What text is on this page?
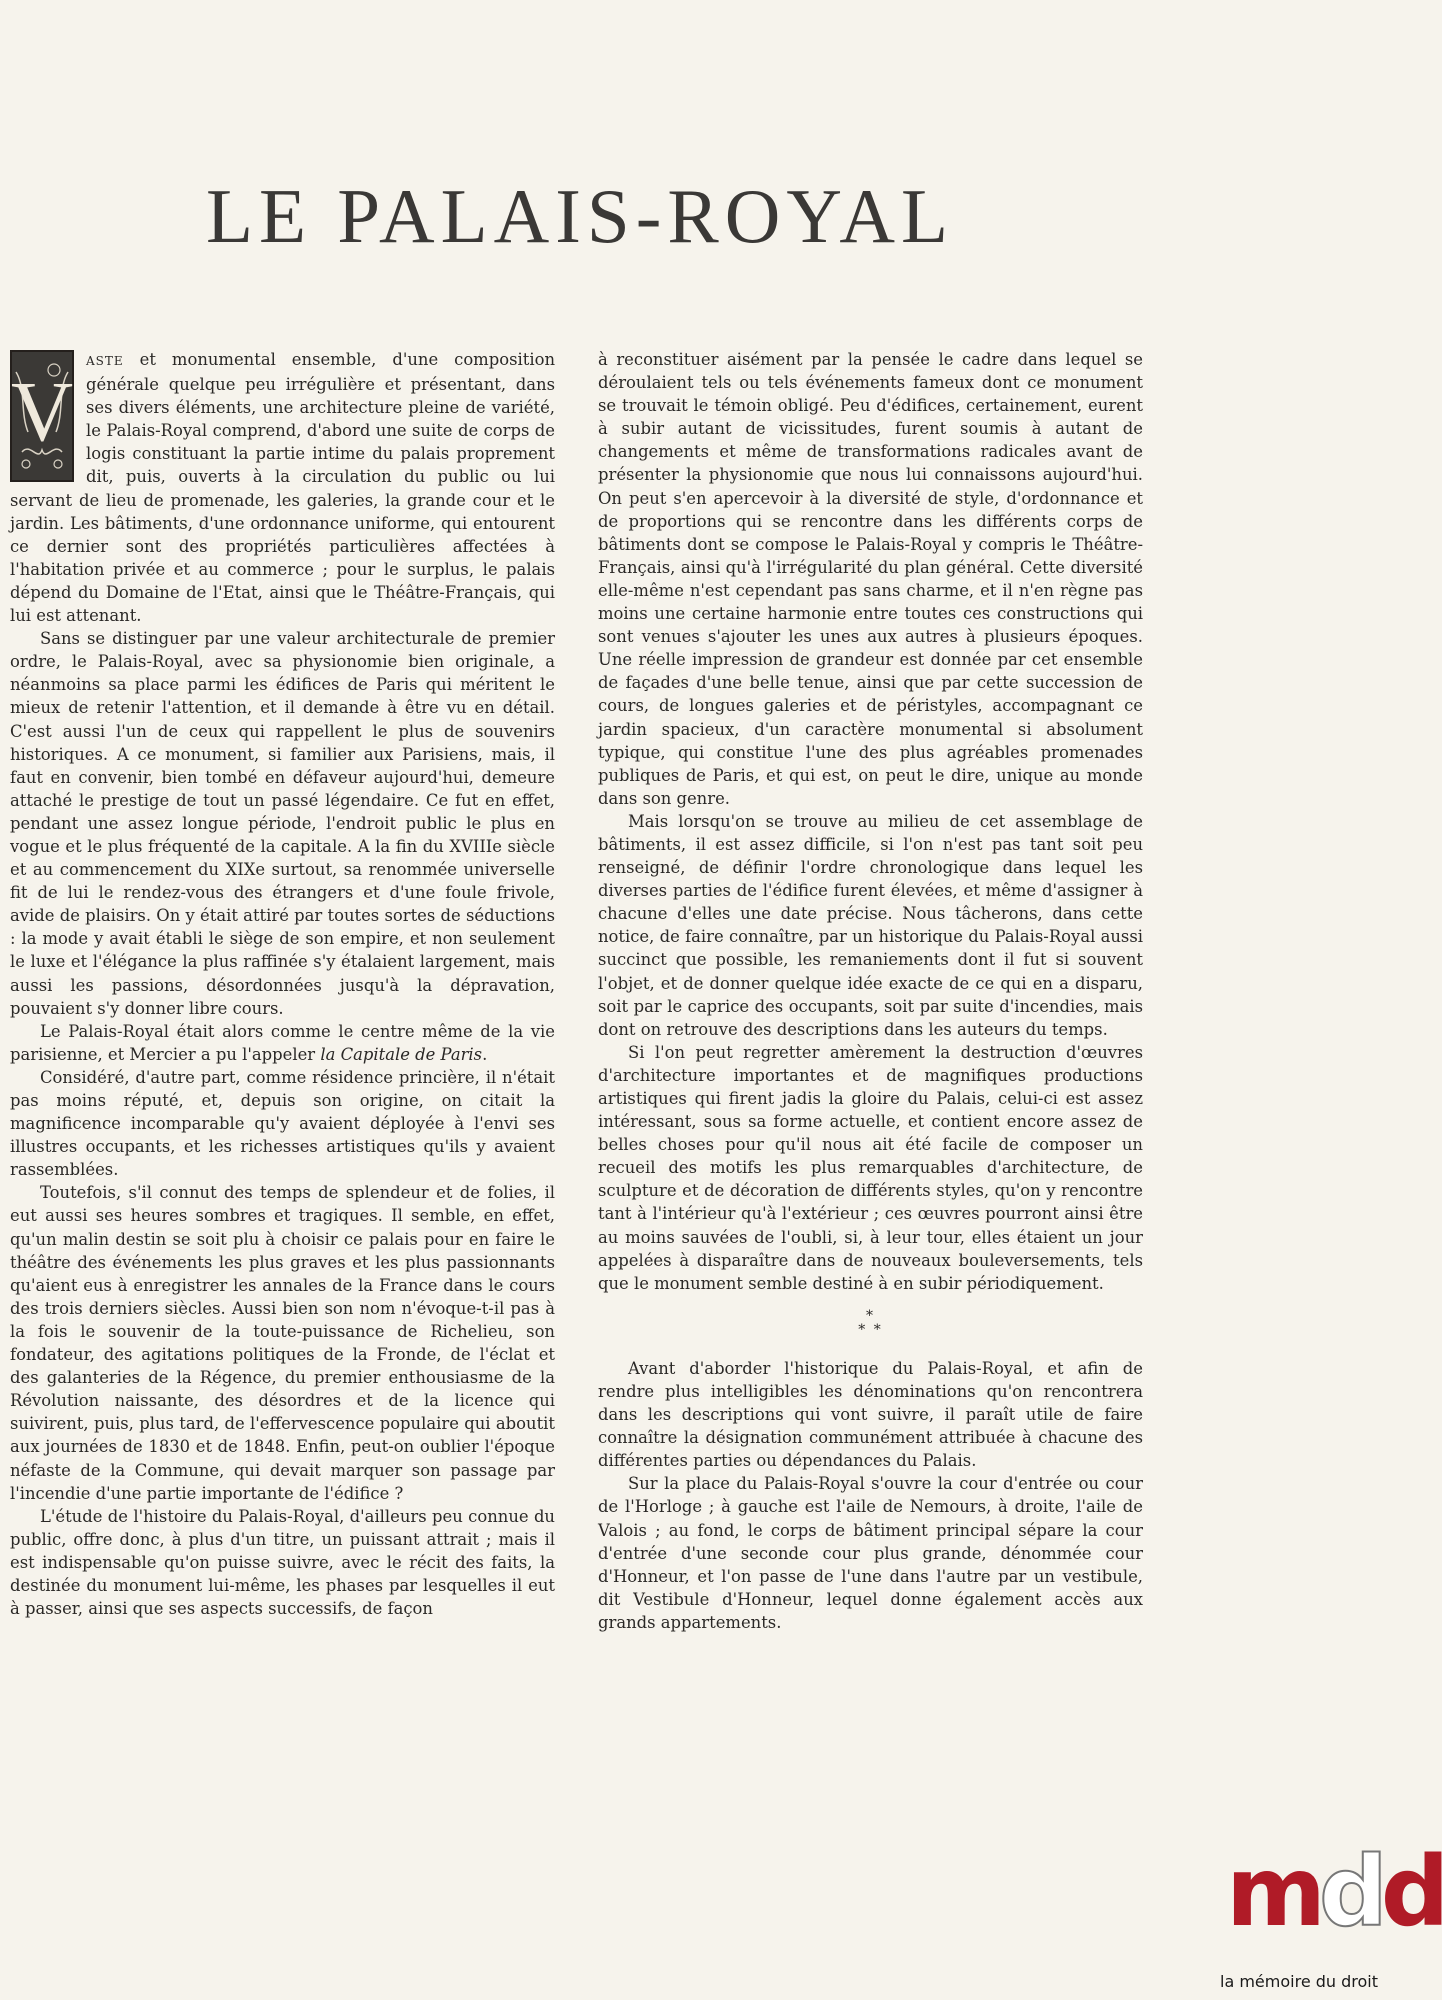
LE PALAIS-ROYAL

V
ASTE et monumental ensemble, d'une composition générale quelque peu irrégulière et présentant, dans ses divers éléments, une architecture pleine de variété, le Palais-Royal comprend, d'abord une suite de corps de logis constituant la partie intime du palais proprement dit, puis, ouverts à la circulation du public ou lui servant de lieu de promenade, les galeries, la grande cour et le jardin. Les bâtiments, d'une ordonnance uniforme, qui entourent ce dernier sont des propriétés particulières affectées à l'habitation privée et au commerce ; pour le surplus, le palais dépend du Domaine de l'Etat, ainsi que le Théâtre-Français, qui lui est attenant.

Sans se distinguer par une valeur architecturale de premier ordre, le Palais-Royal, avec sa physionomie bien originale, a néanmoins sa place parmi les édifices de Paris qui méritent le mieux de retenir l'attention, et il demande à être vu en détail. C'est aussi l'un de ceux qui rappellent le plus de souvenirs historiques. A ce monument, si familier aux Parisiens, mais, il faut en convenir, bien tombé en défaveur aujourd'hui, demeure attaché le prestige de tout un passé légendaire. Ce fut en effet, pendant une assez longue période, l'endroit public le plus en vogue et le plus fréquenté de la capitale. A la fin du XVIIIe siècle et au commencement du XIXe surtout, sa renommée universelle fit de lui le rendez-vous des étrangers et d'une foule frivole, avide de plaisirs. On y était attiré par toutes sortes de séductions : la mode y avait établi le siège de son empire, et non seulement le luxe et l'élégance la plus raffinée s'y étalaient largement, mais aussi les passions, désordonnées jusqu'à la dépravation, pouvaient s'y donner libre cours.

Le Palais-Royal était alors comme le centre même de la vie parisienne, et Mercier a pu l'appeler la Capitale de Paris.

Considéré, d'autre part, comme résidence princière, il n'était pas moins réputé, et, depuis son origine, on citait la magnificence incomparable qu'y avaient déployée à l'envi ses illustres occupants, et les richesses artistiques qu'ils y avaient rassemblées.

Toutefois, s'il connut des temps de splendeur et de folies, il eut aussi ses heures sombres et tragiques. Il semble, en effet, qu'un malin destin se soit plu à choisir ce palais pour en faire le théâtre des événements les plus graves et les plus passionnants qu'aient eus à enregistrer les annales de la France dans le cours des trois derniers siècles. Aussi bien son nom n'évoque-t-il pas à la fois le souvenir de la toute-puissance de Richelieu, son fondateur, des agitations politiques de la Fronde, de l'éclat et des galanteries de la Régence, du premier enthousiasme de la Révolution naissante, des désordres et de la licence qui suivirent, puis, plus tard, de l'effervescence populaire qui aboutit aux journées de 1830 et de 1848. Enfin, peut-on oublier l'époque néfaste de la Commune, qui devait marquer son passage par l'incendie d'une partie importante de l'édifice ?

L'étude de l'histoire du Palais-Royal, d'ailleurs peu connue du public, offre donc, à plus d'un titre, un puissant attrait ; mais il est indispensable qu'on puisse suivre, avec le récit des faits, la destinée du monument lui-même, les phases par lesquelles il eut à passer, ainsi que ses aspects successifs, de façon

à reconstituer aisément par la pensée le cadre dans lequel se déroulaient tels ou tels événements fameux dont ce monument se trouvait le témoin obligé. Peu d'édifices, certainement, eurent à subir autant de vicissitudes, furent soumis à autant de changements et même de transformations radicales avant de présenter la physionomie que nous lui connaissons aujourd'hui. On peut s'en apercevoir à la diversité de style, d'ordonnance et de proportions qui se rencontre dans les différents corps de bâtiments dont se compose le Palais-Royal y compris le Théâtre-Français, ainsi qu'à l'irrégularité du plan général. Cette diversité elle-même n'est cependant pas sans charme, et il n'en règne pas moins une certaine harmonie entre toutes ces constructions qui sont venues s'ajouter les unes aux autres à plusieurs époques. Une réelle impression de grandeur est donnée par cet ensemble de façades d'une belle tenue, ainsi que par cette succession de cours, de longues galeries et de péristyles, accompagnant ce jardin spacieux, d'un caractère monumental si absolument typique, qui constitue l'une des plus agréables promenades publiques de Paris, et qui est, on peut le dire, unique au monde dans son genre.

Mais lorsqu'on se trouve au milieu de cet assemblage de bâtiments, il est assez difficile, si l'on n'est pas tant soit peu renseigné, de définir l'ordre chronologique dans lequel les diverses parties de l'édifice furent élevées, et même d'assigner à chacune d'elles une date précise. Nous tâcherons, dans cette notice, de faire connaître, par un historique du Palais-Royal aussi succinct que possible, les remaniements dont il fut si souvent l'objet, et de donner quelque idée exacte de ce qui en a disparu, soit par le caprice des occupants, soit par suite d'incendies, mais dont on retrouve des descriptions dans les auteurs du temps.

Si l'on peut regretter amèrement la destruction d'œuvres d'architecture importantes et de magnifiques productions artistiques qui firent jadis la gloire du Palais, celui-ci est assez intéressant, sous sa forme actuelle, et contient encore assez de belles choses pour qu'il nous ait été facile de composer un recueil des motifs les plus remarquables d'architecture, de sculpture et de décoration de différents styles, qu'on y rencontre tant à l'intérieur qu'à l'extérieur ; ces œuvres pourront ainsi être au moins sauvées de l'oubli, si, à leur tour, elles étaient un jour appelées à disparaître dans de nouveaux bouleversements, tels que le monument semble destiné à en subir périodiquement.

*
* *

Avant d'aborder l'historique du Palais-Royal, et afin de rendre plus intelligibles les dénominations qu'on rencontrera dans les descriptions qui vont suivre, il paraît utile de faire connaître la désignation communément attribuée à chacune des différentes parties ou dépendances du Palais.

Sur la place du Palais-Royal s'ouvre la cour d'entrée ou cour de l'Horloge ; à gauche est l'aile de Nemours, à droite, l'aile de Valois ; au fond, le corps de bâtiment principal sépare la cour d'entrée d'une seconde cour plus grande, dénommée cour d'Honneur, et l'on passe de l'une dans l'autre par un vestibule, dit Vestibule d'Honneur, lequel donne également accès aux grands appartements.

mdd
la mémoire du droit
